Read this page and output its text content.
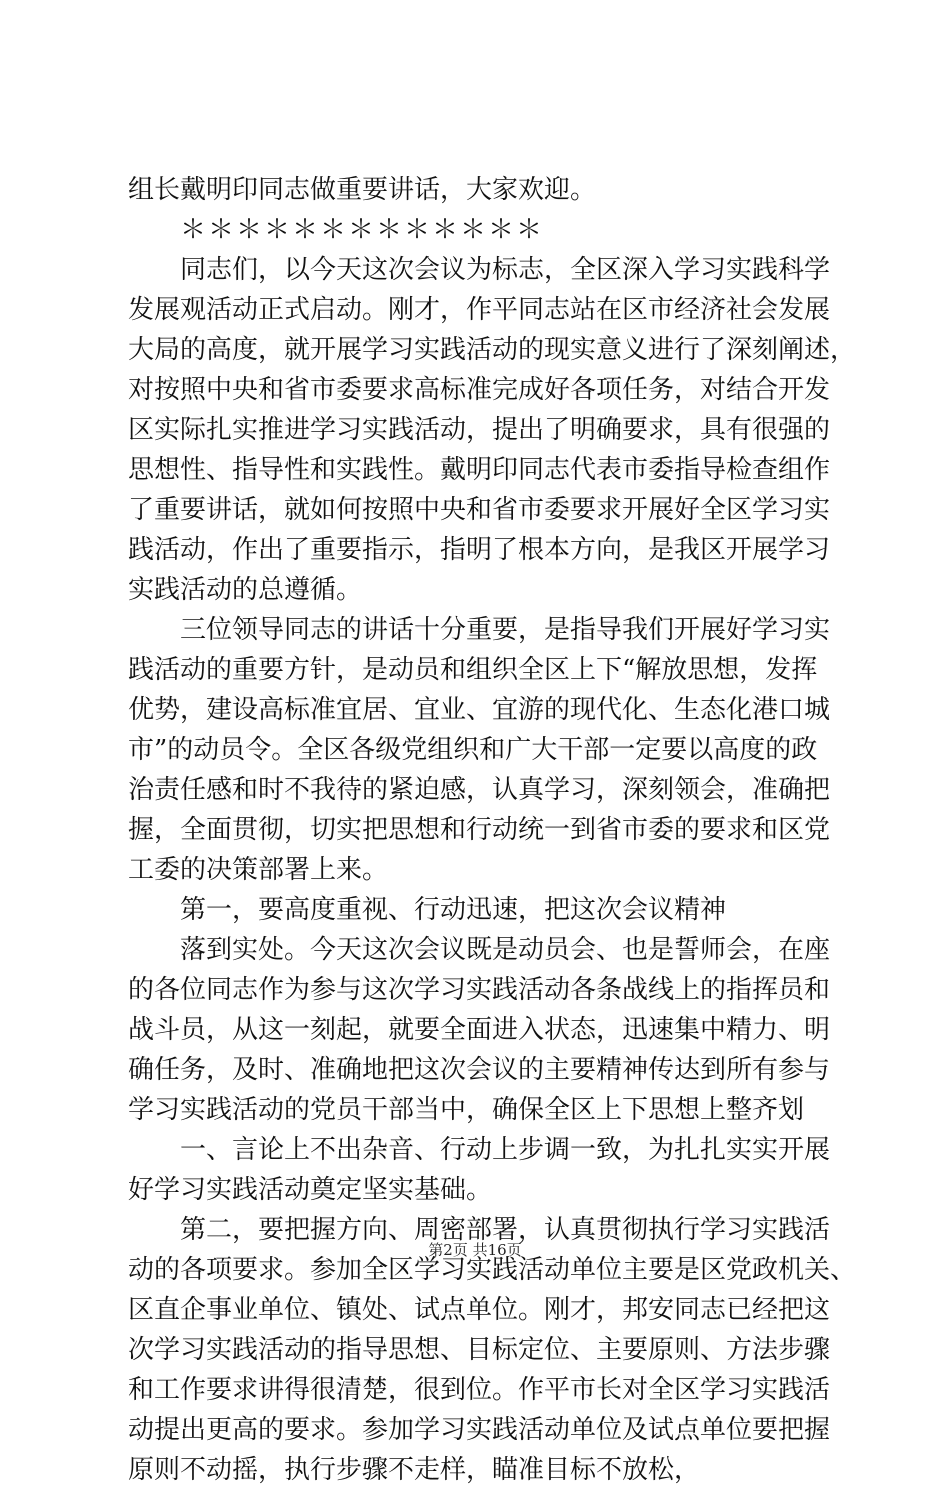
组长戴明印同志做重要讲话，大家欢迎。
＊＊＊＊＊＊＊＊＊＊＊＊＊
同志们，以今天这次会议为标志，全区深入学习实践科学
发展观活动正式启动。刚才，作平同志站在区市经济社会发展
大局的高度，就开展学习实践活动的现实意义进行了深刻阐述，
对按照中央和省市委要求高标准完成好各项任务，对结合开发
区实际扎实推进学习实践活动，提出了明确要求，具有很强的
思想性、指导性和实践性。戴明印同志代表市委指导检查组作
了重要讲话，就如何按照中央和省市委要求开展好全区学习实
践活动，作出了重要指示，指明了根本方向，是我区开展学习
实践活动的总遵循。
三位领导同志的讲话十分重要，是指导我们开展好学习实
践活动的重要方针，是动员和组织全区上下“解放思想，发挥
优势，建设高标准宜居、宜业、宜游的现代化、生态化港口城
市”的动员令。全区各级党组织和广大干部一定要以高度的政
治责任感和时不我待的紧迫感，认真学习，深刻领会，准确把
握，全面贯彻，切实把思想和行动统一到省市委的要求和区党
工委的决策部署上来。
第一，要高度重视、行动迅速，把这次会议精神
落到实处。今天这次会议既是动员会、也是誓师会，在座
的各位同志作为参与这次学习实践活动各条战线上的指挥员和
战斗员，从这一刻起，就要全面进入状态，迅速集中精力、明
确任务，及时、准确地把这次会议的主要精神传达到所有参与
学习实践活动的党员干部当中，确保全区上下思想上整齐划
一、言论上不出杂音、行动上步调一致，为扎扎实实开展
好学习实践活动奠定坚实基础。
第二，要把握方向、周密部署，认真贯彻执行学习实践活
动的各项要求。参加全区学习实践活动单位主要是区党政机关、
区直企事业单位、镇处、试点单位。刚才，邦安同志已经把这
次学习实践活动的指导思想、目标定位、主要原则、方法步骤
和工作要求讲得很清楚，很到位。作平市长对全区学习实践活
动提出更高的要求。参加学习实践活动单位及试点单位要把握
原则不动摇，执行步骤不走样，瞄准目标不放松，
第2页 共16页
